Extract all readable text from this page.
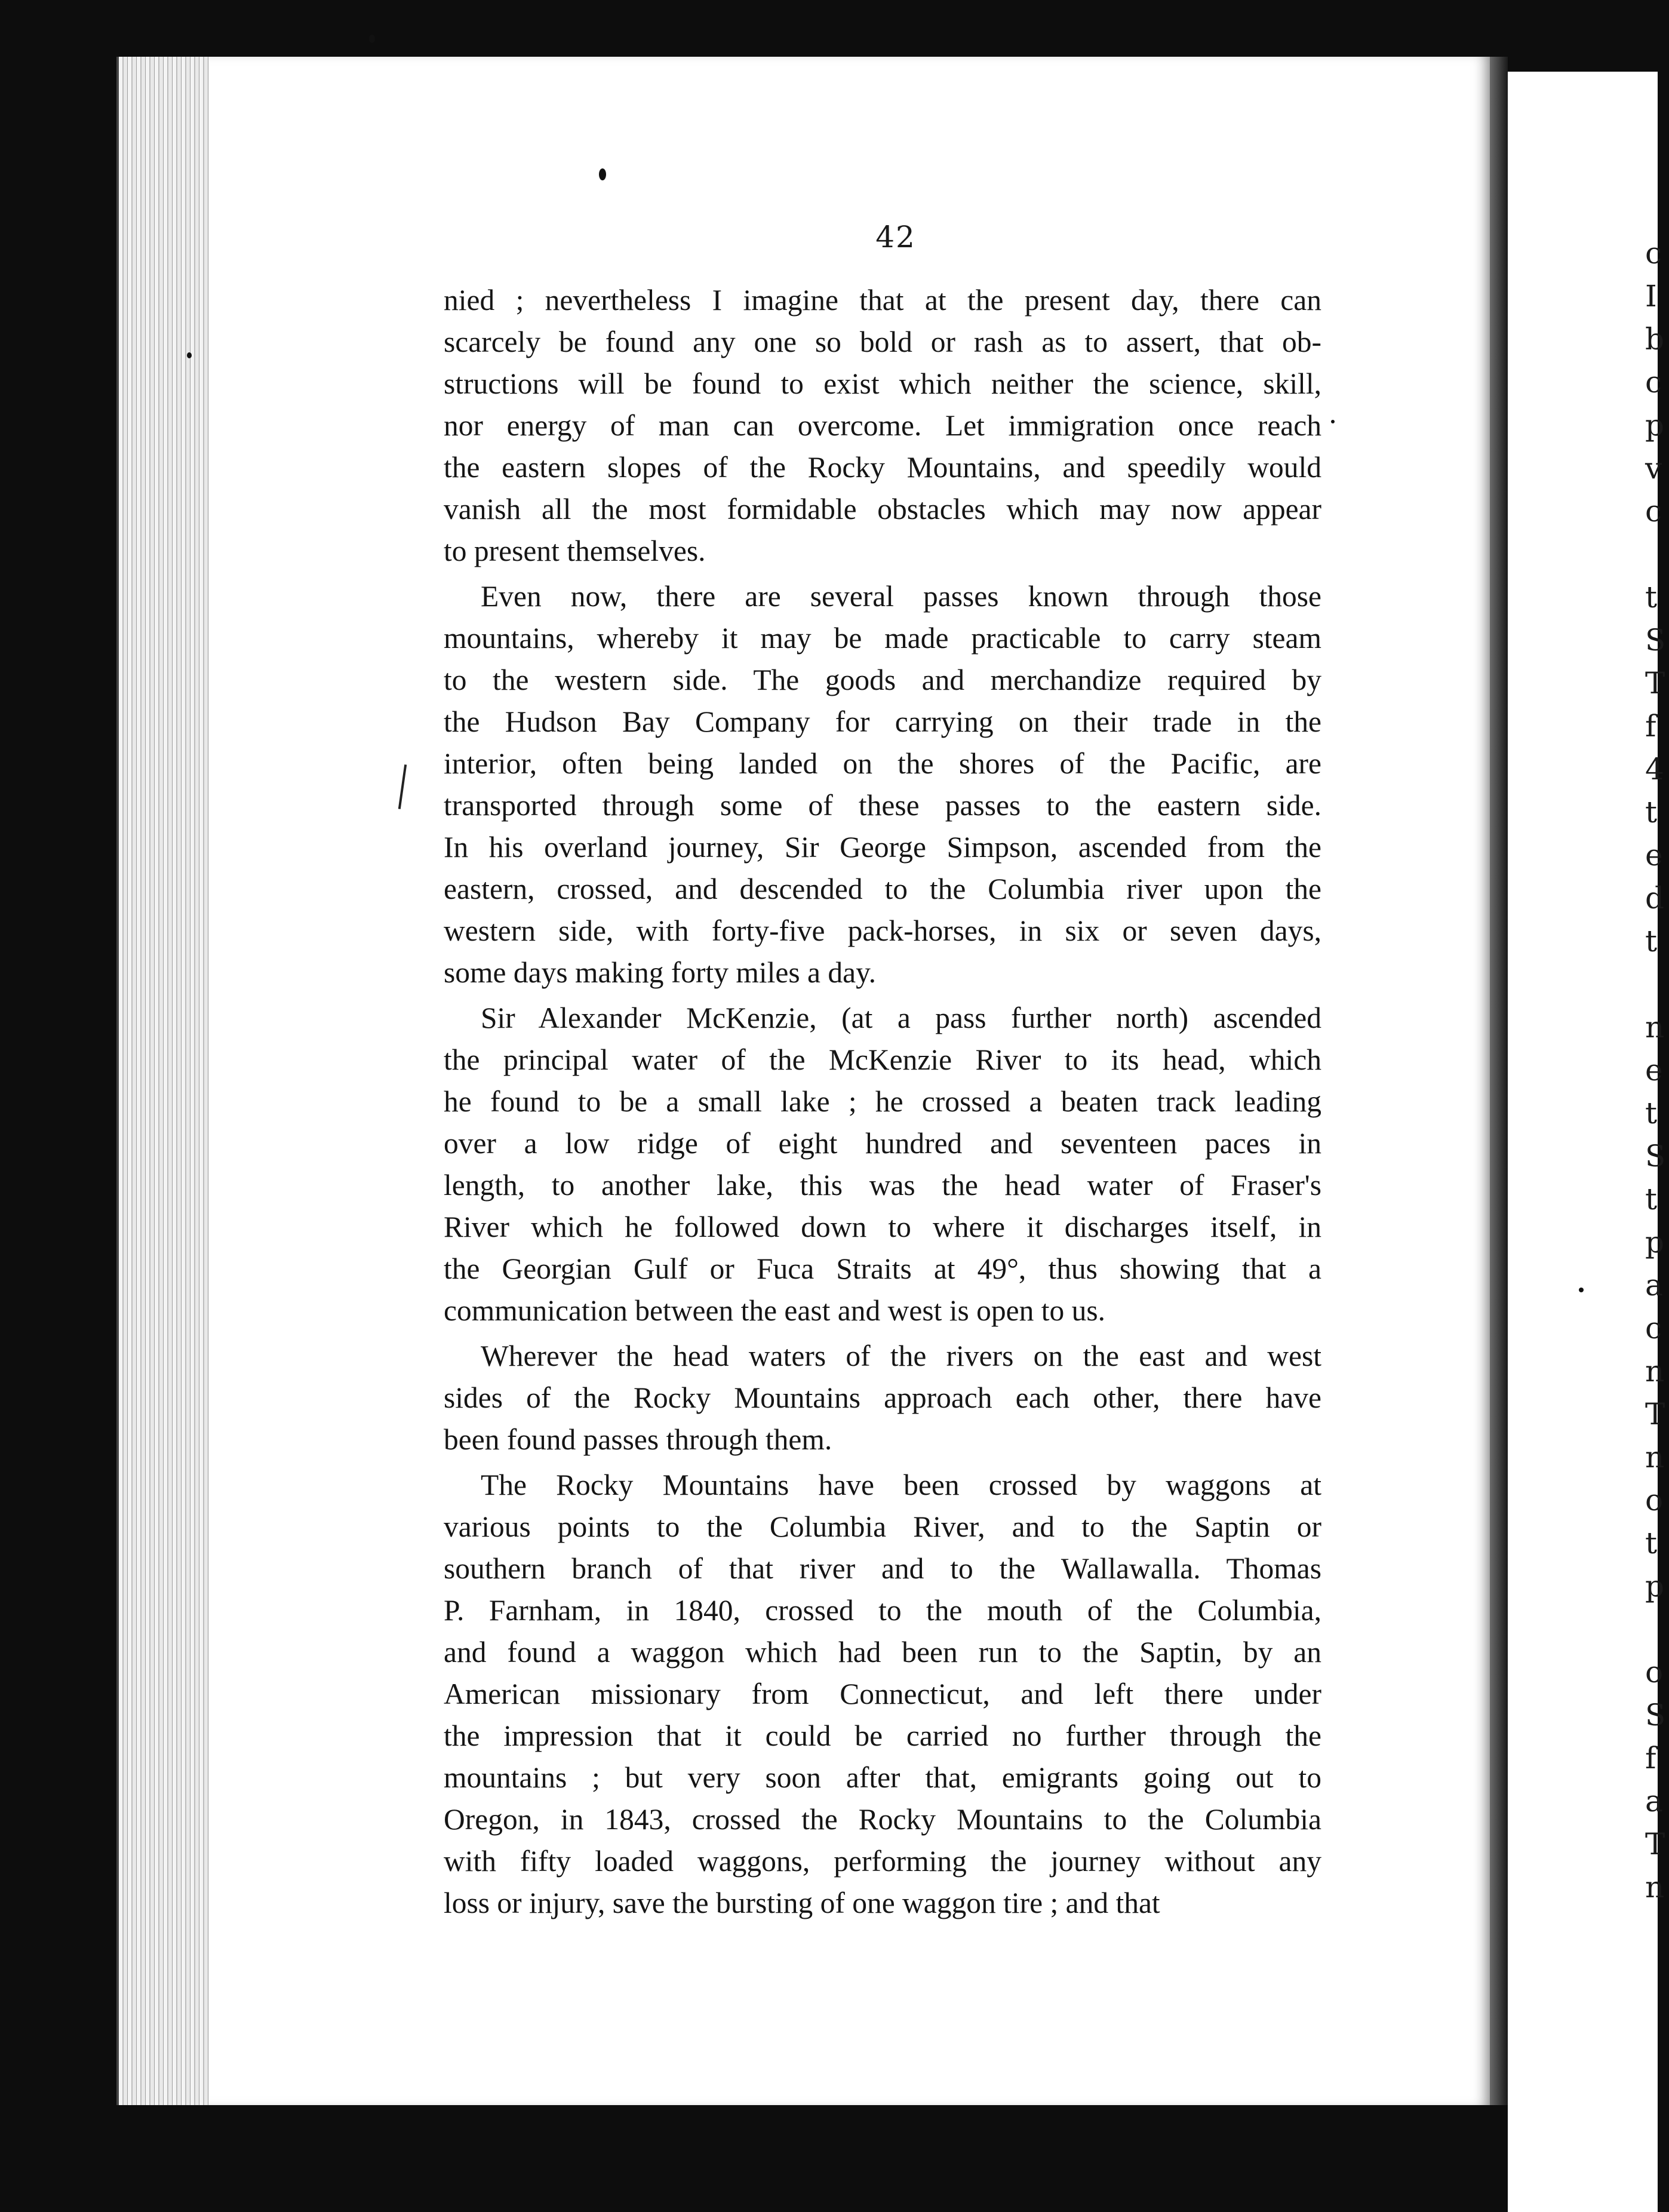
c
I
b
c
p
v
c
t
S
T
f
4
t
e
d
t
n
e
t
S
t
p
a
c
n
T
n
o
t
p
o
S
f
a
T
n
42
nied ; nevertheless I imagine that at the present day, there can
scarcely be found any one so bold or rash as to assert, that ob-
structions will be found to exist which neither the science, skill,
nor energy of man can overcome. Let immigration once reach
the eastern slopes of the Rocky Mountains, and speedily would
vanish all the most formidable obstacles which may now appear
to present themselves.
Even now, there are several passes known through those
mountains, whereby it may be made practicable to carry steam
to the western side. The goods and merchandize required by
the Hudson Bay Company for carrying on their trade in the
interior, often being landed on the shores of the Pacific, are
transported through some of these passes to the eastern side.
In his overland journey, Sir George Simpson, ascended from the
eastern, crossed, and descended to the Columbia river upon the
western side, with forty-five pack-horses, in six or seven days,
some days making forty miles a day.
Sir Alexander McKenzie, (at a pass further north) ascended
the principal water of the McKenzie River to its head, which
he found to be a small lake ; he crossed a beaten track leading
over a low ridge of eight hundred and seventeen paces in
length, to another lake, this was the head water of Fraser's
River which he followed down to where it discharges itself, in
the Georgian Gulf or Fuca Straits at 49°, thus showing that a
communication between the east and west is open to us.
Wherever the head waters of the rivers on the east and west
sides of the Rocky Mountains approach each other, there have
been found passes through them.
The Rocky Mountains have been crossed by waggons at
various points to the Columbia River, and to the Saptin or
southern branch of that river and to the Wallawalla. Thomas
P. Farnham, in 1840, crossed to the mouth of the Columbia,
and found a waggon which had been run to the Saptin, by an
American missionary from Connecticut, and left there under
the impression that it could be carried no further through the
mountains ; but very soon after that, emigrants going out to
Oregon, in 1843, crossed the Rocky Mountains to the Columbia
with fifty loaded waggons, performing the journey without any
loss or injury, save the bursting of one waggon tire ; and that
